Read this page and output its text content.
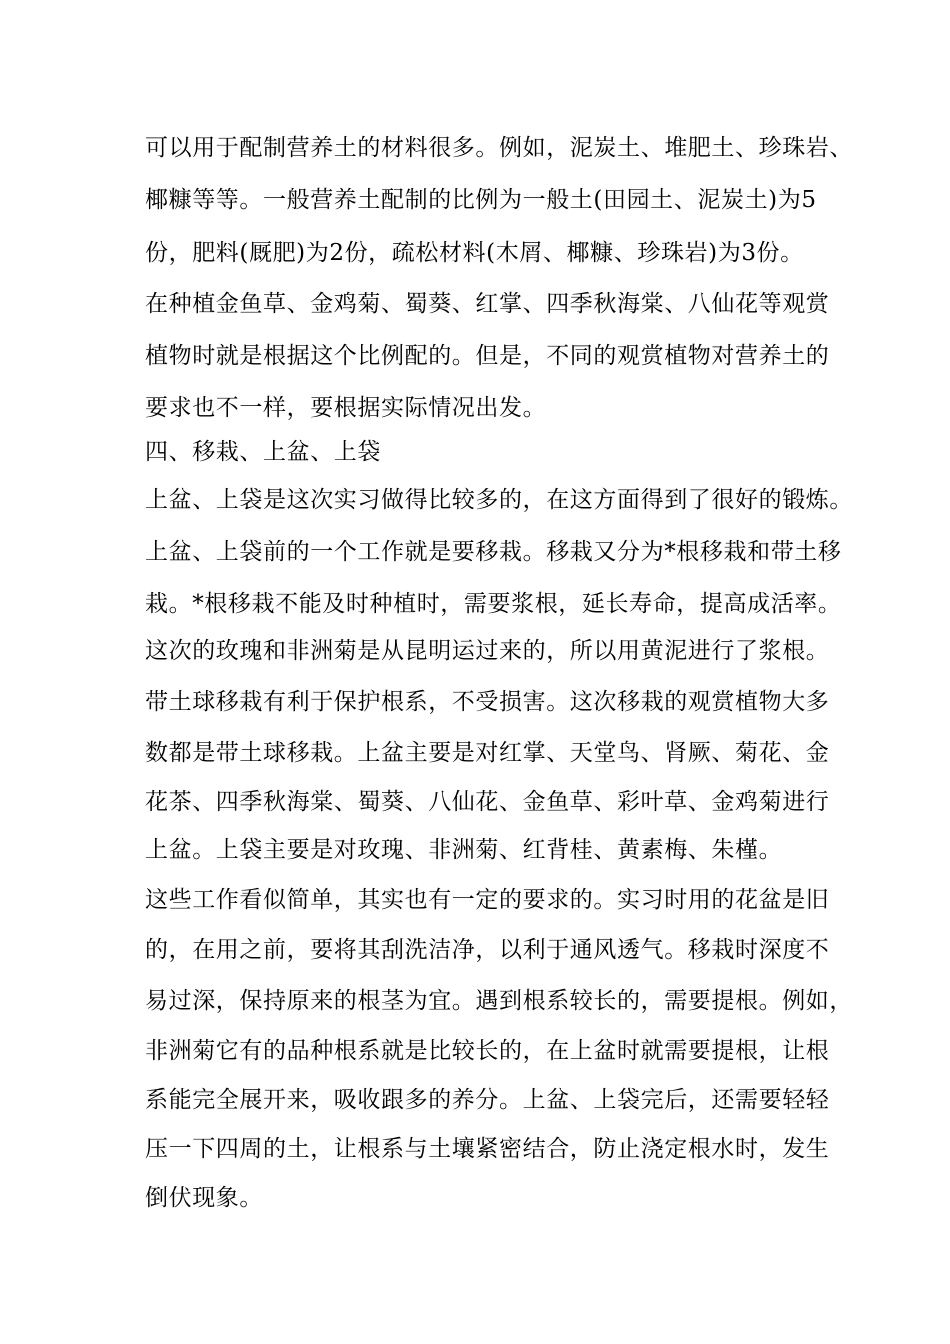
可以用于配制营养土的材料很多。例如，泥炭土、堆肥土、珍珠岩、
椰糠等等。一般营养土配制的比例为一般土(田园土、泥炭土)为5
份，肥料(厩肥)为2份，疏松材料(木屑、椰糠、珍珠岩)为3份。
在种植金鱼草、金鸡菊、蜀葵、红掌、四季秋海棠、八仙花等观赏
植物时就是根据这个比例配的。但是，不同的观赏植物对营养土的
要求也不一样，要根据实际情况出发。
四、移栽、上盆、上袋
上盆、上袋是这次实习做得比较多的，在这方面得到了很好的锻炼。
上盆、上袋前的一个工作就是要移栽。移栽又分为*根移栽和带土移
栽。*根移栽不能及时种植时，需要浆根，延长寿命，提高成活率。
这次的玫瑰和非洲菊是从昆明运过来的，所以用黄泥进行了浆根。
带土球移栽有利于保护根系，不受损害。这次移栽的观赏植物大多
数都是带土球移栽。上盆主要是对红掌、天堂鸟、肾厥、菊花、金
花茶、四季秋海棠、蜀葵、八仙花、金鱼草、彩叶草、金鸡菊进行
上盆。上袋主要是对玫瑰、非洲菊、红背桂、黄素梅、朱槿。
这些工作看似简单，其实也有一定的要求的。实习时用的花盆是旧
的，在用之前，要将其刮洗洁净，以利于通风透气。移栽时深度不
易过深，保持原来的根茎为宜。遇到根系较长的，需要提根。例如，
非洲菊它有的品种根系就是比较长的，在上盆时就需要提根，让根
系能完全展开来，吸收跟多的养分。上盆、上袋完后，还需要轻轻
压一下四周的土，让根系与土壤紧密结合，防止浇定根水时，发生
倒伏现象。
